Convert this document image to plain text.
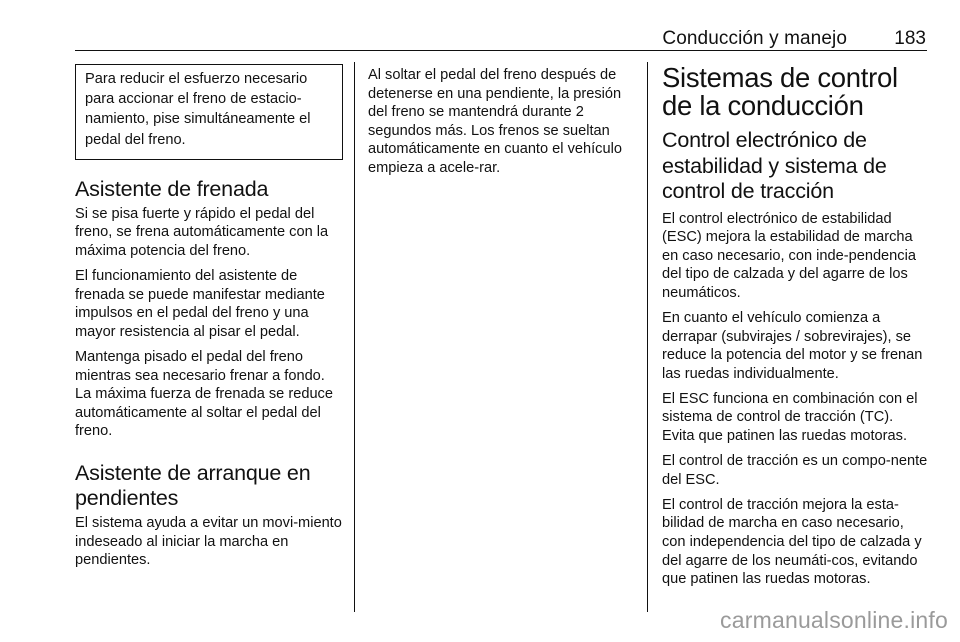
Conducción y manejo 183
Para reducir el esfuerzo necesario para accionar el freno de estacio-namiento, pise simultáneamente el pedal del freno.
Asistente de frenada

Si se pisa fuerte y rápido el pedal del freno, se frena automáticamente con la máxima potencia del freno.

El funcionamiento del asistente de frenada se puede manifestar mediante impulsos en el pedal del freno y una mayor resistencia al pisar el pedal.

Mantenga pisado el pedal del freno mientras sea necesario frenar a fondo. La máxima fuerza de frenada se reduce automáticamente al soltar el pedal del freno.

Asistente de arranque en pendientes

El sistema ayuda a evitar un movi-miento indeseado al iniciar la marcha en pendientes.

Al soltar el pedal del freno después de detenerse en una pendiente, la presión del freno se mantendrá durante 2 segundos más. Los frenos se sueltan automáticamente en cuanto el vehículo empieza a acele-rar.

Sistemas de control de la conducción
Control electrónico de estabilidad y sistema de control de tracción

El control electrónico de estabilidad (ESC) mejora la estabilidad de marcha en caso necesario, con inde-pendencia del tipo de calzada y del agarre de los neumáticos.

En cuanto el vehículo comienza a derrapar (subvirajes / sobrevirajes), se reduce la potencia del motor y se frenan las ruedas individualmente.

El ESC funciona en combinación con el sistema de control de tracción (TC). Evita que patinen las ruedas motoras.

El control de tracción es un compo-nente del ESC.

El control de tracción mejora la esta-bilidad de marcha en caso necesario, con independencia del tipo de calzada y del agarre de los neumáti-cos, evitando que patinen las ruedas motoras.

carmanualsonline.info
